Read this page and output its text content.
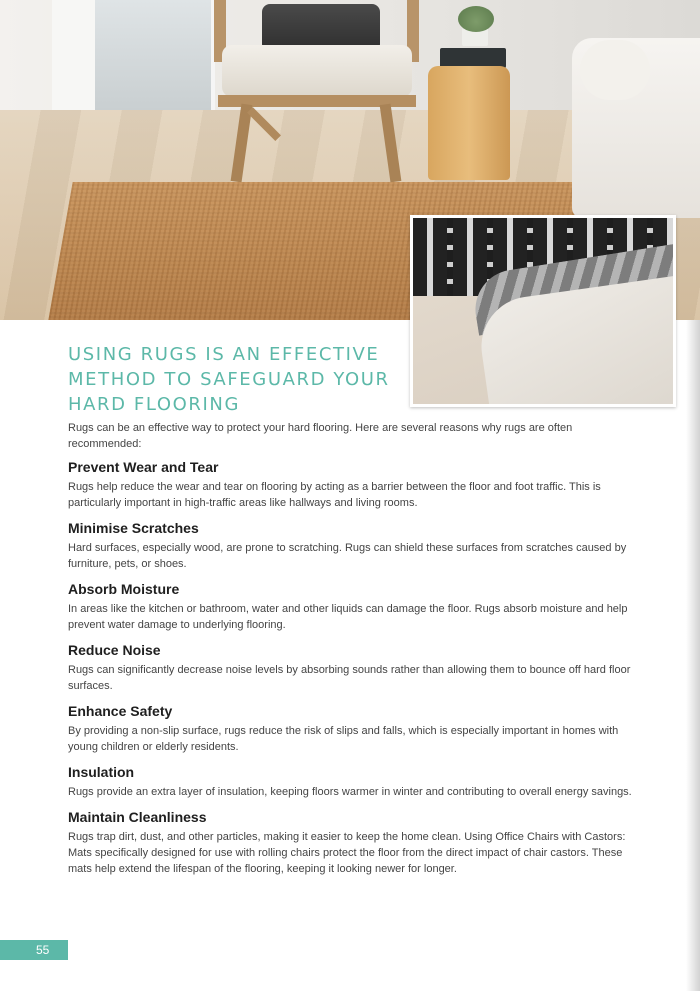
USING RUGS IS AN EFFECTIVE
METHOD TO SAFEGUARD YOUR
HARD FLOORING

Rugs can be an effective way to protect your hard flooring. Here are several reasons why rugs are often recommended:

Prevent Wear and Tear

Rugs help reduce the wear and tear on flooring by acting as a barrier between the floor and foot traffic. This is particularly important in high-traffic areas like hallways and living rooms.

Minimise Scratches

Hard surfaces, especially wood, are prone to scratching. Rugs can shield these surfaces from scratches caused by furniture, pets, or shoes.

Absorb Moisture

In areas like the kitchen or bathroom, water and other liquids can damage the floor. Rugs absorb moisture and help prevent water damage to underlying flooring.

Reduce Noise

Rugs can significantly decrease noise levels by absorbing sounds rather than allowing them to bounce off hard floor surfaces.

Enhance Safety

By providing a non-slip surface, rugs reduce the risk of slips and falls, which is especially important in homes with young children or elderly residents.

Insulation

Rugs provide an extra layer of insulation, keeping floors warmer in winter and contributing to overall energy savings.

Maintain Cleanliness

Rugs trap dirt, dust, and other particles, making it easier to keep the home clean. Using Office Chairs with Castors: Mats specifically designed for use with rolling chairs protect the floor from the direct impact of chair castors. These mats help extend the lifespan of the flooring, keeping it looking newer for longer.

55
